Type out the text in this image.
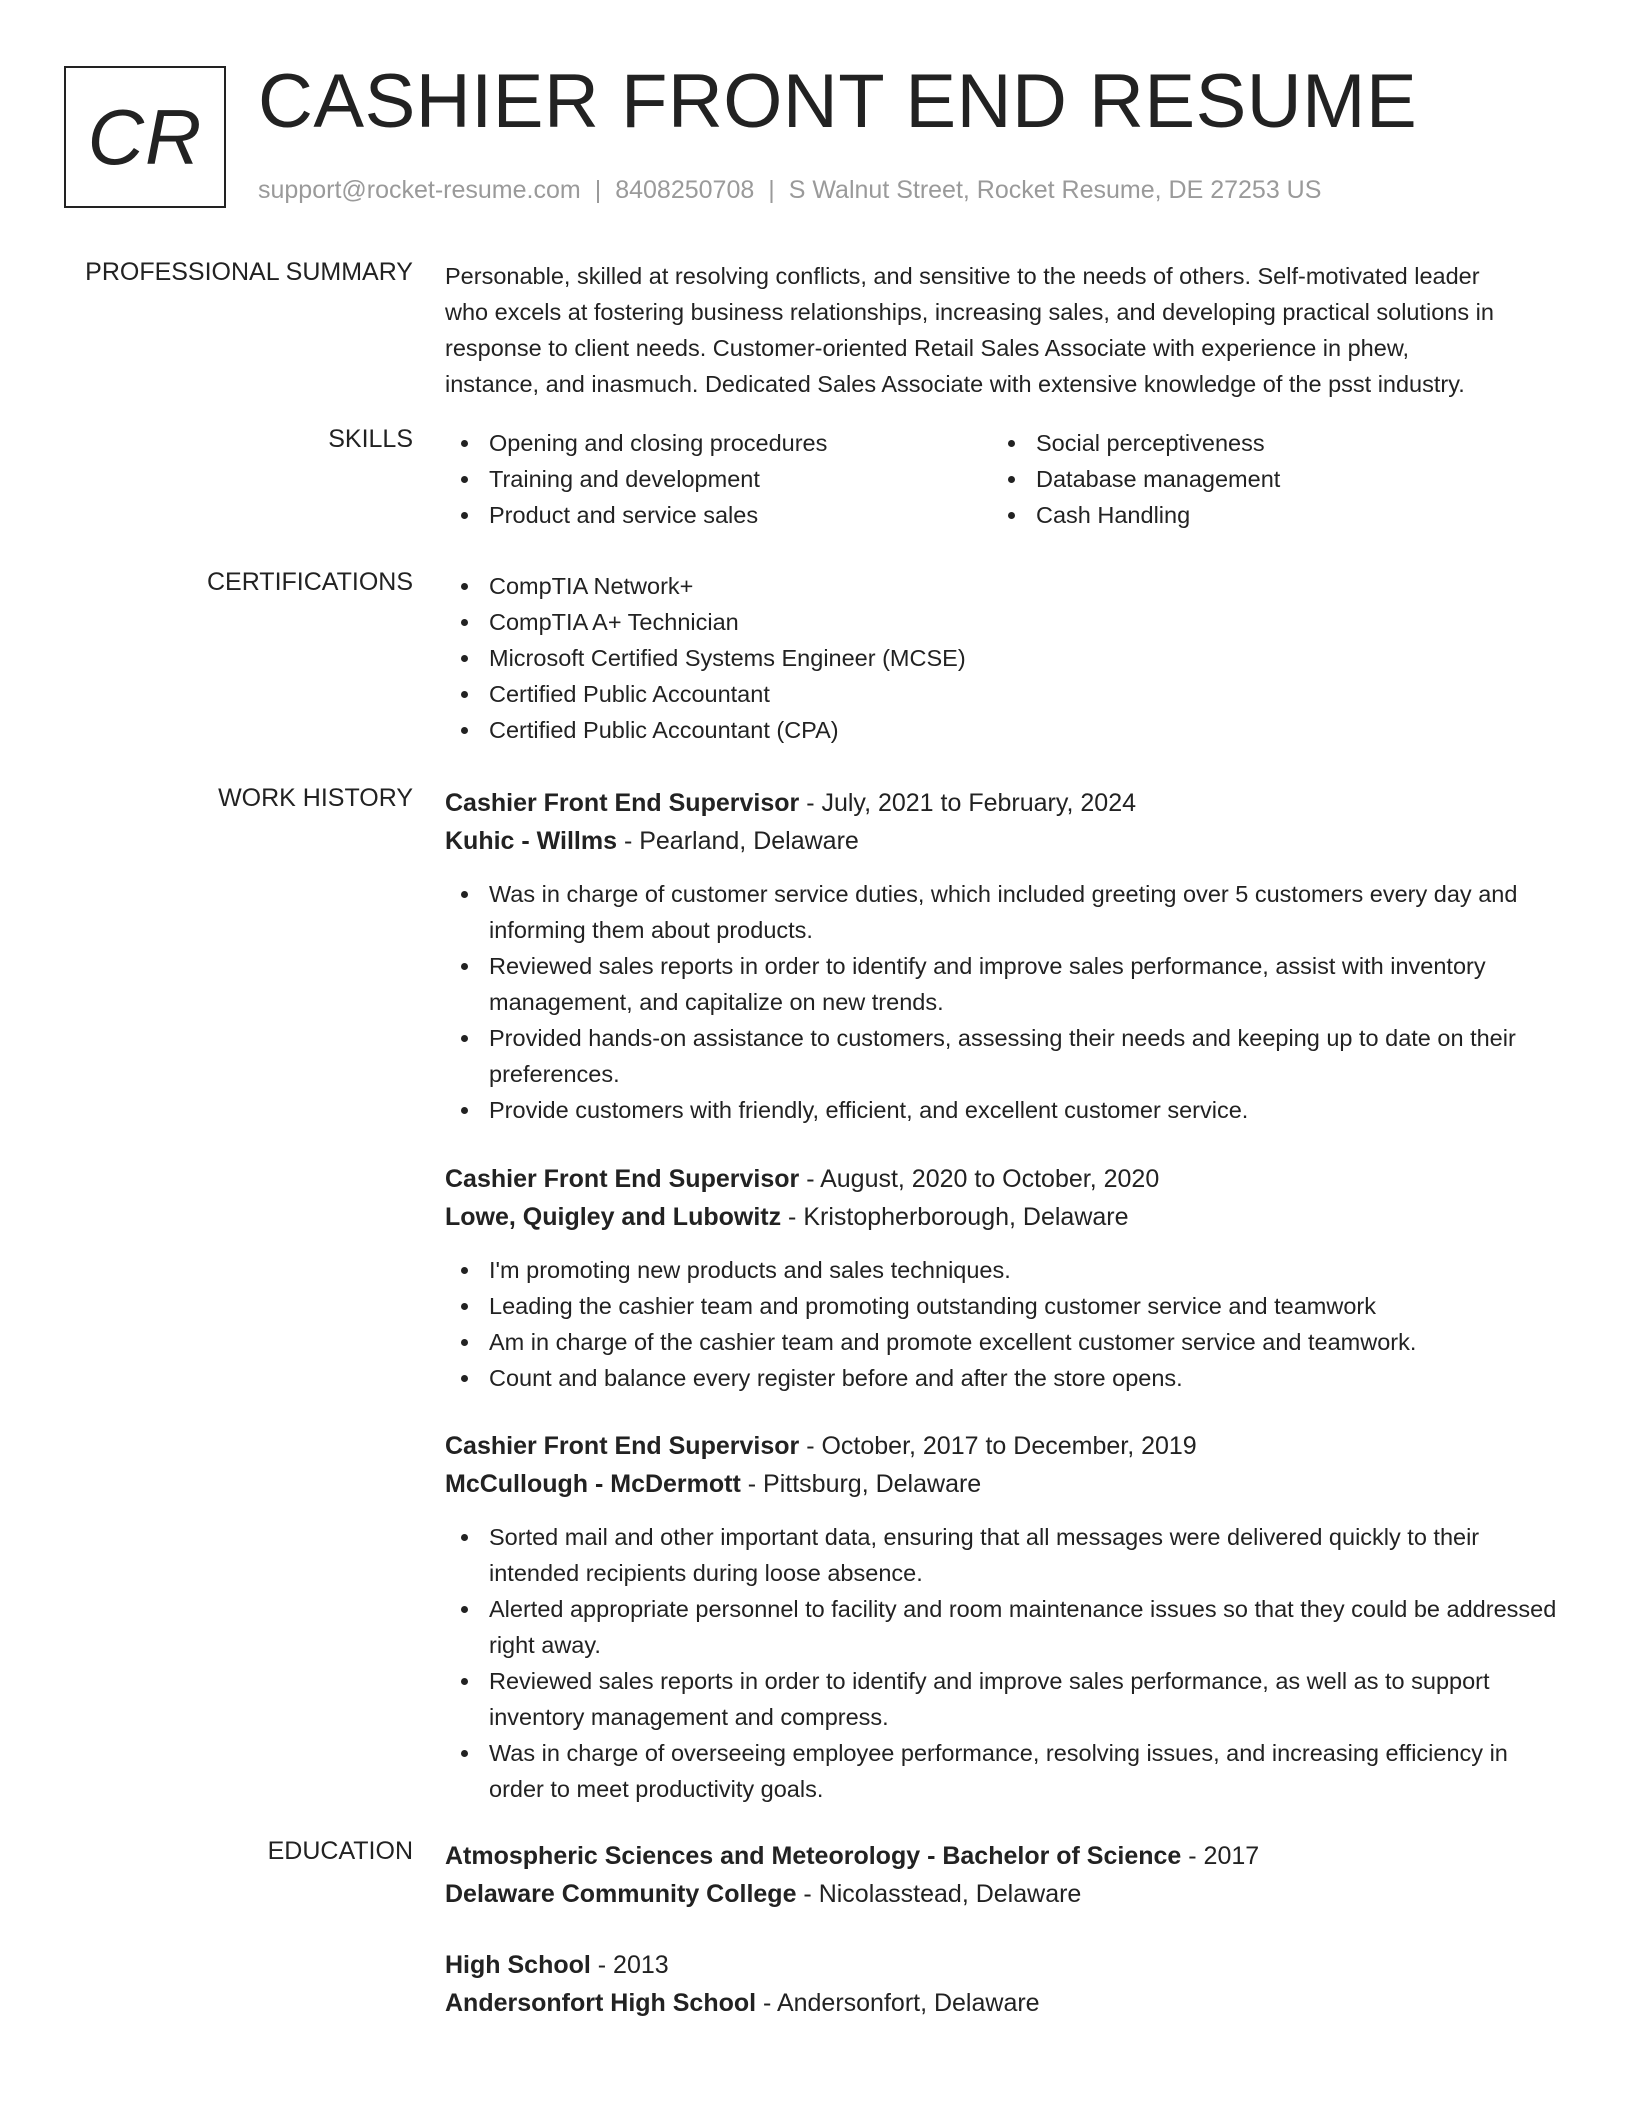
CR CASHIER FRONT END RESUME
support@rocket-resume.com | 8408250708 | S Walnut Street, Rocket Resume, DE 27253 US
PROFESSIONAL SUMMARY Personable, skilled at resolving conflicts, and sensitive to the needs of others. Self-motivated leader
who excels at fostering business relationships, increasing sales, and developing practical solutions in
response to client needs. Customer-oriented Retail Sales Associate with experience in phew,
instance, and inasmuch. Dedicated Sales Associate with extensive knowledge of the psst industry.
SKILLS	Opening and closing procedures
Training and development
Product and service sales
Social perceptiveness
Database management
Cash Handling
CERTIFICATIONS	CompTIA Network+
CompTIA A+ Technician
Microsoft Certified Systems Engineer (MCSE)
Certified Public Accountant
Certified Public Accountant (CPA)
WORK HISTORY Cashier Front End Supervisor - July, 2021 to February, 2024
Kuhic - Willms - Pearland, Delaware
Was in charge of customer service duties, which included greeting over 5 customers every day and informing them about products.
Reviewed sales reports in order to identify and improve sales performance, assist with inventory management, and capitalize on new trends.
Provided hands-on assistance to customers, assessing their needs and keeping up to date on their preferences.
Provide customers with friendly, efficient, and excellent customer service.
Cashier Front End Supervisor - August, 2020 to October, 2020
Lowe, Quigley and Lubowitz - Kristopherborough, Delaware
I'm promoting new products and sales techniques.
Leading the cashier team and promoting outstanding customer service and teamwork
Am in charge of the cashier team and promote excellent customer service and teamwork.
Count and balance every register before and after the store opens.
Cashier Front End Supervisor - October, 2017 to December, 2019
McCullough - McDermott - Pittsburg, Delaware
Sorted mail and other important data, ensuring that all messages were delivered quickly to their intended recipients during loose absence.
Alerted appropriate personnel to facility and room maintenance issues so that they could be addressed right away.
Reviewed sales reports in order to identify and improve sales performance, as well as to support inventory management and compress.
Was in charge of overseeing employee performance, resolving issues, and increasing efficiency in order to meet productivity goals.
EDUCATION Atmospheric Sciences and Meteorology - Bachelor of Science - 2017
Delaware Community College - Nicolasstead, Delaware
High School - 2013
Andersonfort High School - Andersonfort, Delaware
